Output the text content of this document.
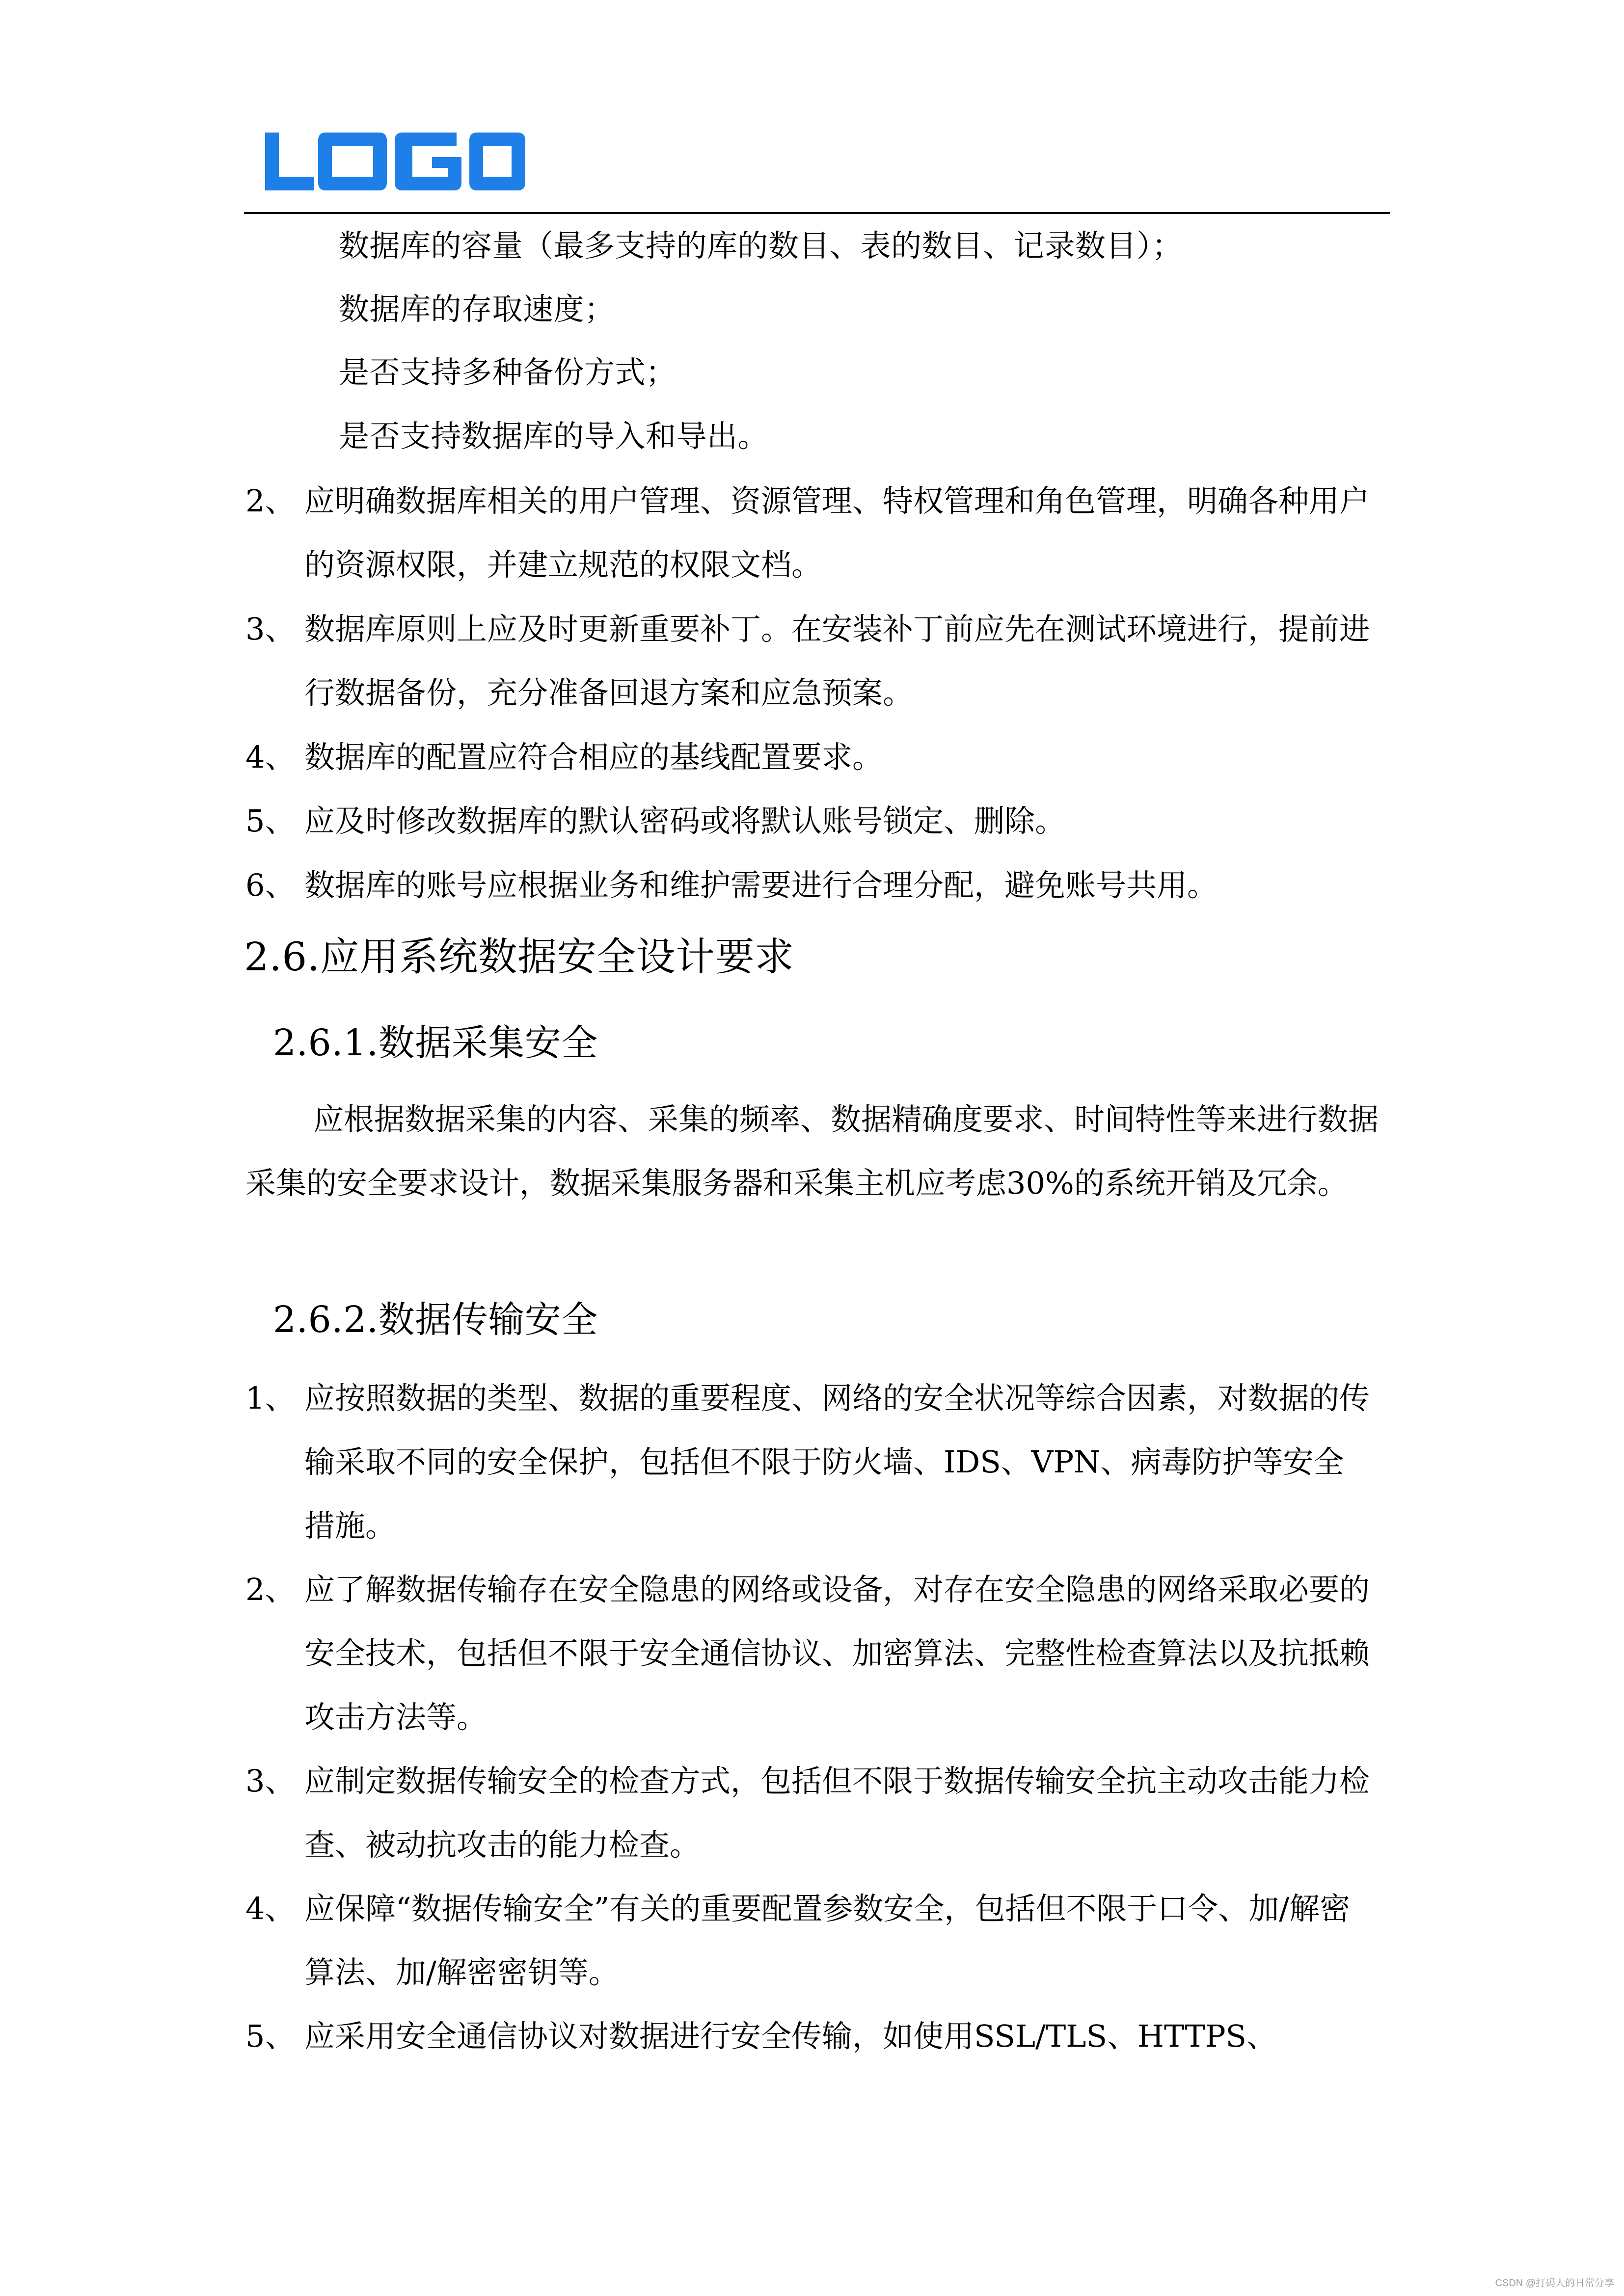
数据库的容量（最多支持的库的数目、表的数目、记录数目）；
数据库的存取速度；
是否支持多种备份方式；
是否支持数据库的导入和导出。
2、 应明确数据库相关的用户管理、资源管理、特权管理和角色管理，明确各种用户的资源权限，并建立规范的权限文档。
3、 数据库原则上应及时更新重要补丁。在安装补丁前应先在测试环境进行，提前进行数据备份，充分准备回退方案和应急预案。
4、 数据库的配置应符合相应的基线配置要求。
5、 应及时修改数据库的默认密码或将默认账号锁定、删除。
6、 数据库的账号应根据业务和维护需要进行合理分配，避免账号共用。
2.6.应用系统数据安全设计要求
2.6.1.数据采集安全
应根据数据采集的内容、采集的频率、数据精确度要求、时间特性等来进行数据采集的安全要求设计，数据采集服务器和采集主机应考虑30%的系统开销及冗余。
2.6.2.数据传输安全
1、 应按照数据的类型、数据的重要程度、网络的安全状况等综合因素，对数据的传输采取不同的安全保护，包括但不限于防火墙、IDS、VPN、病毒防护等安全措施。
2、 应了解数据传输存在安全隐患的网络或设备，对存在安全隐患的网络采取必要的安全技术，包括但不限于安全通信协议、加密算法、完整性检查算法以及抗抵赖攻击方法等。
3、 应制定数据传输安全的检查方式，包括但不限于数据传输安全抗主动攻击能力检查、被动抗攻击的能力检查。
4、 应保障“数据传输安全”有关的重要配置参数安全，包括但不限于口令、加/解密算法、加/解密密钥等。
5、 应采用安全通信协议对数据进行安全传输，如使用SSL/TLS、HTTPS、
CSDN @打码人的日常分享
